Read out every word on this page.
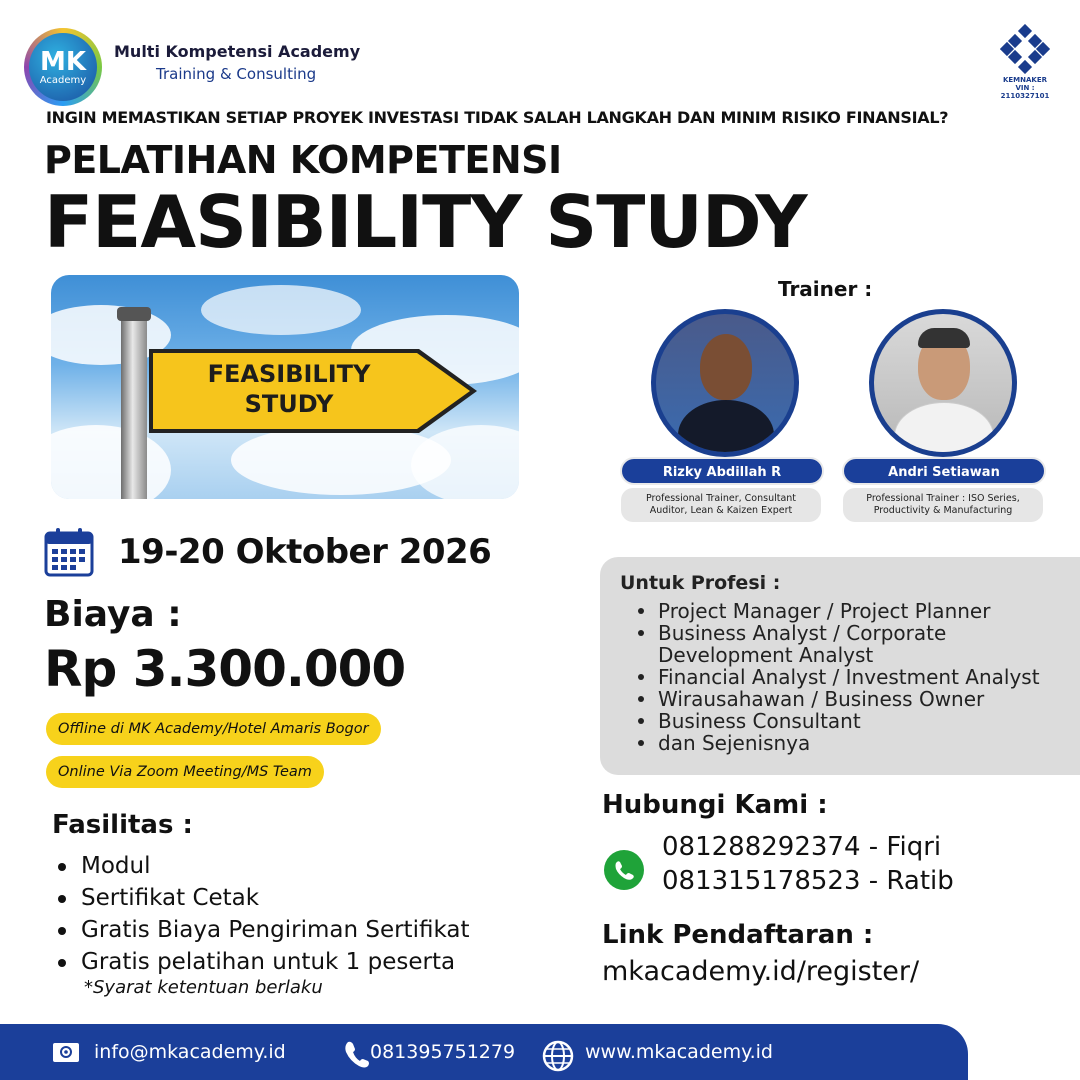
MK
Academy
Multi Kompetensi Academy
Training & Consulting	KEMNAKER
VIN : 2110327101
INGIN MEMASTIKAN SETIAP PROYEK INVESTASI TIDAK SALAH LANGKAH DAN MINIM RISIKO FINANSIAL?
PELATIHAN KOMPETENSI
FEASIBILITY STUDY
FEASIBILITY
STUDY
Trainer :
Rizky Abdillah R	Andri Setiawan
Professional Trainer, Consultant
Auditor, Lean & Kaizen Expert
Professional Trainer : ISO Series,
Productivity & Manufacturing
19-20 Oktober 2026
Biaya :
Rp 3.300.000
Offline di MK Academy/Hotel Amaris Bogor
Online Via Zoom Meeting/MS Team
Fasilitas :
Modul
Sertifikat Cetak
Gratis Biaya Pengiriman Sertifikat
Gratis pelatihan untuk 1 peserta
*Syarat ketentuan berlaku
Untuk Profesi :
Project Manager / Project Planner
Business Analyst / Corporate Development Analyst
Financial Analyst / Investment Analyst
Wirausahawan / Business Owner
Business Consultant
dan Sejenisnya
Hubungi Kami :
081288292374 - Fiqri
081315178523 - Ratib
Link Pendaftaran :
mkacademy.id/register/
info@mkacademy.id	081395751279	www.mkacademy.id
